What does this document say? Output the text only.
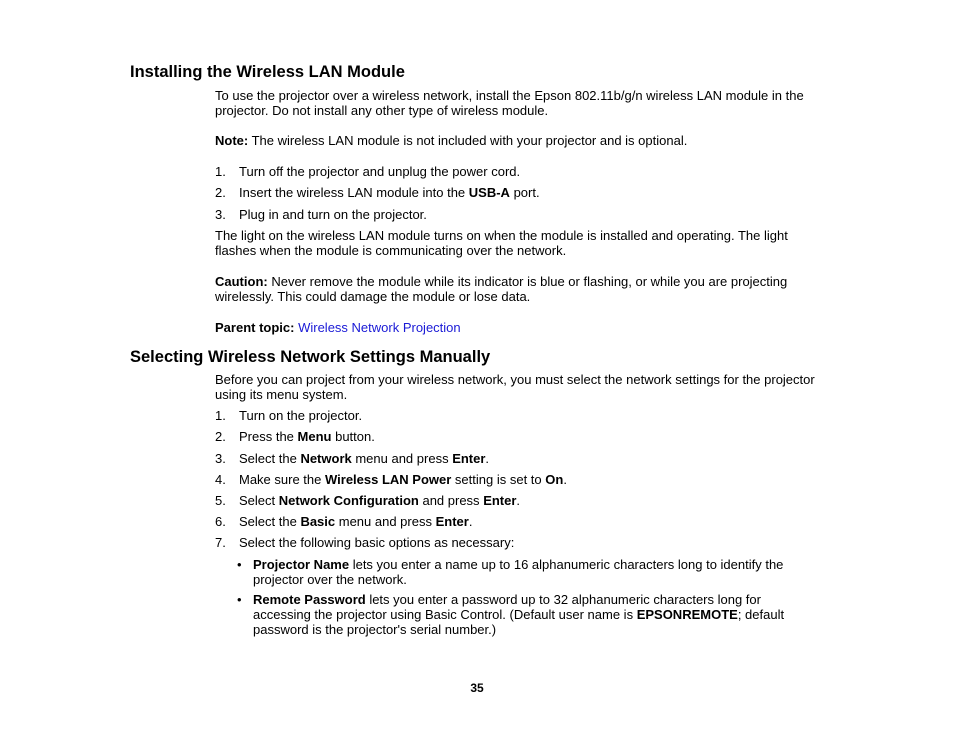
Installing the Wireless LAN Module

To use the projector over a wireless network, install the Epson 802.11b/g/n wireless LAN module in the projector. Do not install any other type of wireless module.

Note: The wireless LAN module is not included with your projector and is optional.

1. Turn off the projector and unplug the power cord.
2. Insert the wireless LAN module into the USB-A port.
3. Plug in and turn on the projector.

The light on the wireless LAN module turns on when the module is installed and operating. The light flashes when the module is communicating over the network.

Caution: Never remove the module while its indicator is blue or flashing, or while you are projecting wirelessly. This could damage the module or lose data.

Parent topic: Wireless Network Projection

Selecting Wireless Network Settings Manually

Before you can project from your wireless network, you must select the network settings for the projector using its menu system.

1. Turn on the projector.
2. Press the Menu button.
3. Select the Network menu and press Enter.
4. Make sure the Wireless LAN Power setting is set to On.
5. Select Network Configuration and press Enter.
6. Select the Basic menu and press Enter.
7. Select the following basic options as necessary:
• Projector Name lets you enter a name up to 16 alphanumeric characters long to identify the projector over the network.
• Remote Password lets you enter a password up to 32 alphanumeric characters long for accessing the projector using Basic Control. (Default user name is EPSONREMOTE; default password is the projector's serial number.)
35
